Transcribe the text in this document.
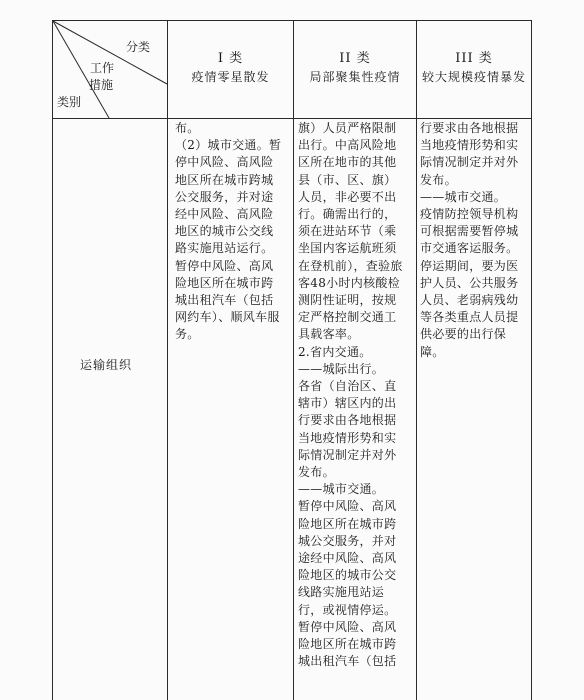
分类
工作
措施
类别
I 类
疫情零星散发
II 类
局部聚集性疫情
III 类
较大规模疫情暴发
运输组织
布。
（2）城市交通。暂
停中风险、高风险
地区所在城市跨城
公交服务，并对途
经中风险、高风险
地区的城市公交线
路实施甩站运行。
暂停中风险、高风
险地区所在城市跨
城出租汽车（包括
网约车）、顺风车服
务。
旗）人员严格限制
出行。中高风险地
区所在地市的其他
县（市、区、旗）
人员，非必要不出
行。确需出行的，
须在进站环节（乘
坐国内客运航班须
在登机前），查验旅
客48小时内核酸检
测阴性证明，按规
定严格控制交通工
具载客率。
2.省内交通。
——城际出行。
各省（自治区、直
辖市）辖区内的出
行要求由各地根据
当地疫情形势和实
际情况制定并对外
发布。
——城市交通。
暂停中风险、高风
险地区所在城市跨
城公交服务，并对
途经中风险、高风
险地区的城市公交
线路实施甩站运
行，或视情停运。
暂停中风险、高风
险地区所在城市跨
城出租汽车（包括
行要求由各地根据
当地疫情形势和实
际情况制定并对外
发布。
——城市交通。
疫情防控领导机构
可根据需要暂停城
市交通客运服务。
停运期间，要为医
护人员、公共服务
人员、老弱病残幼
等各类重点人员提
供必要的出行保
障。
